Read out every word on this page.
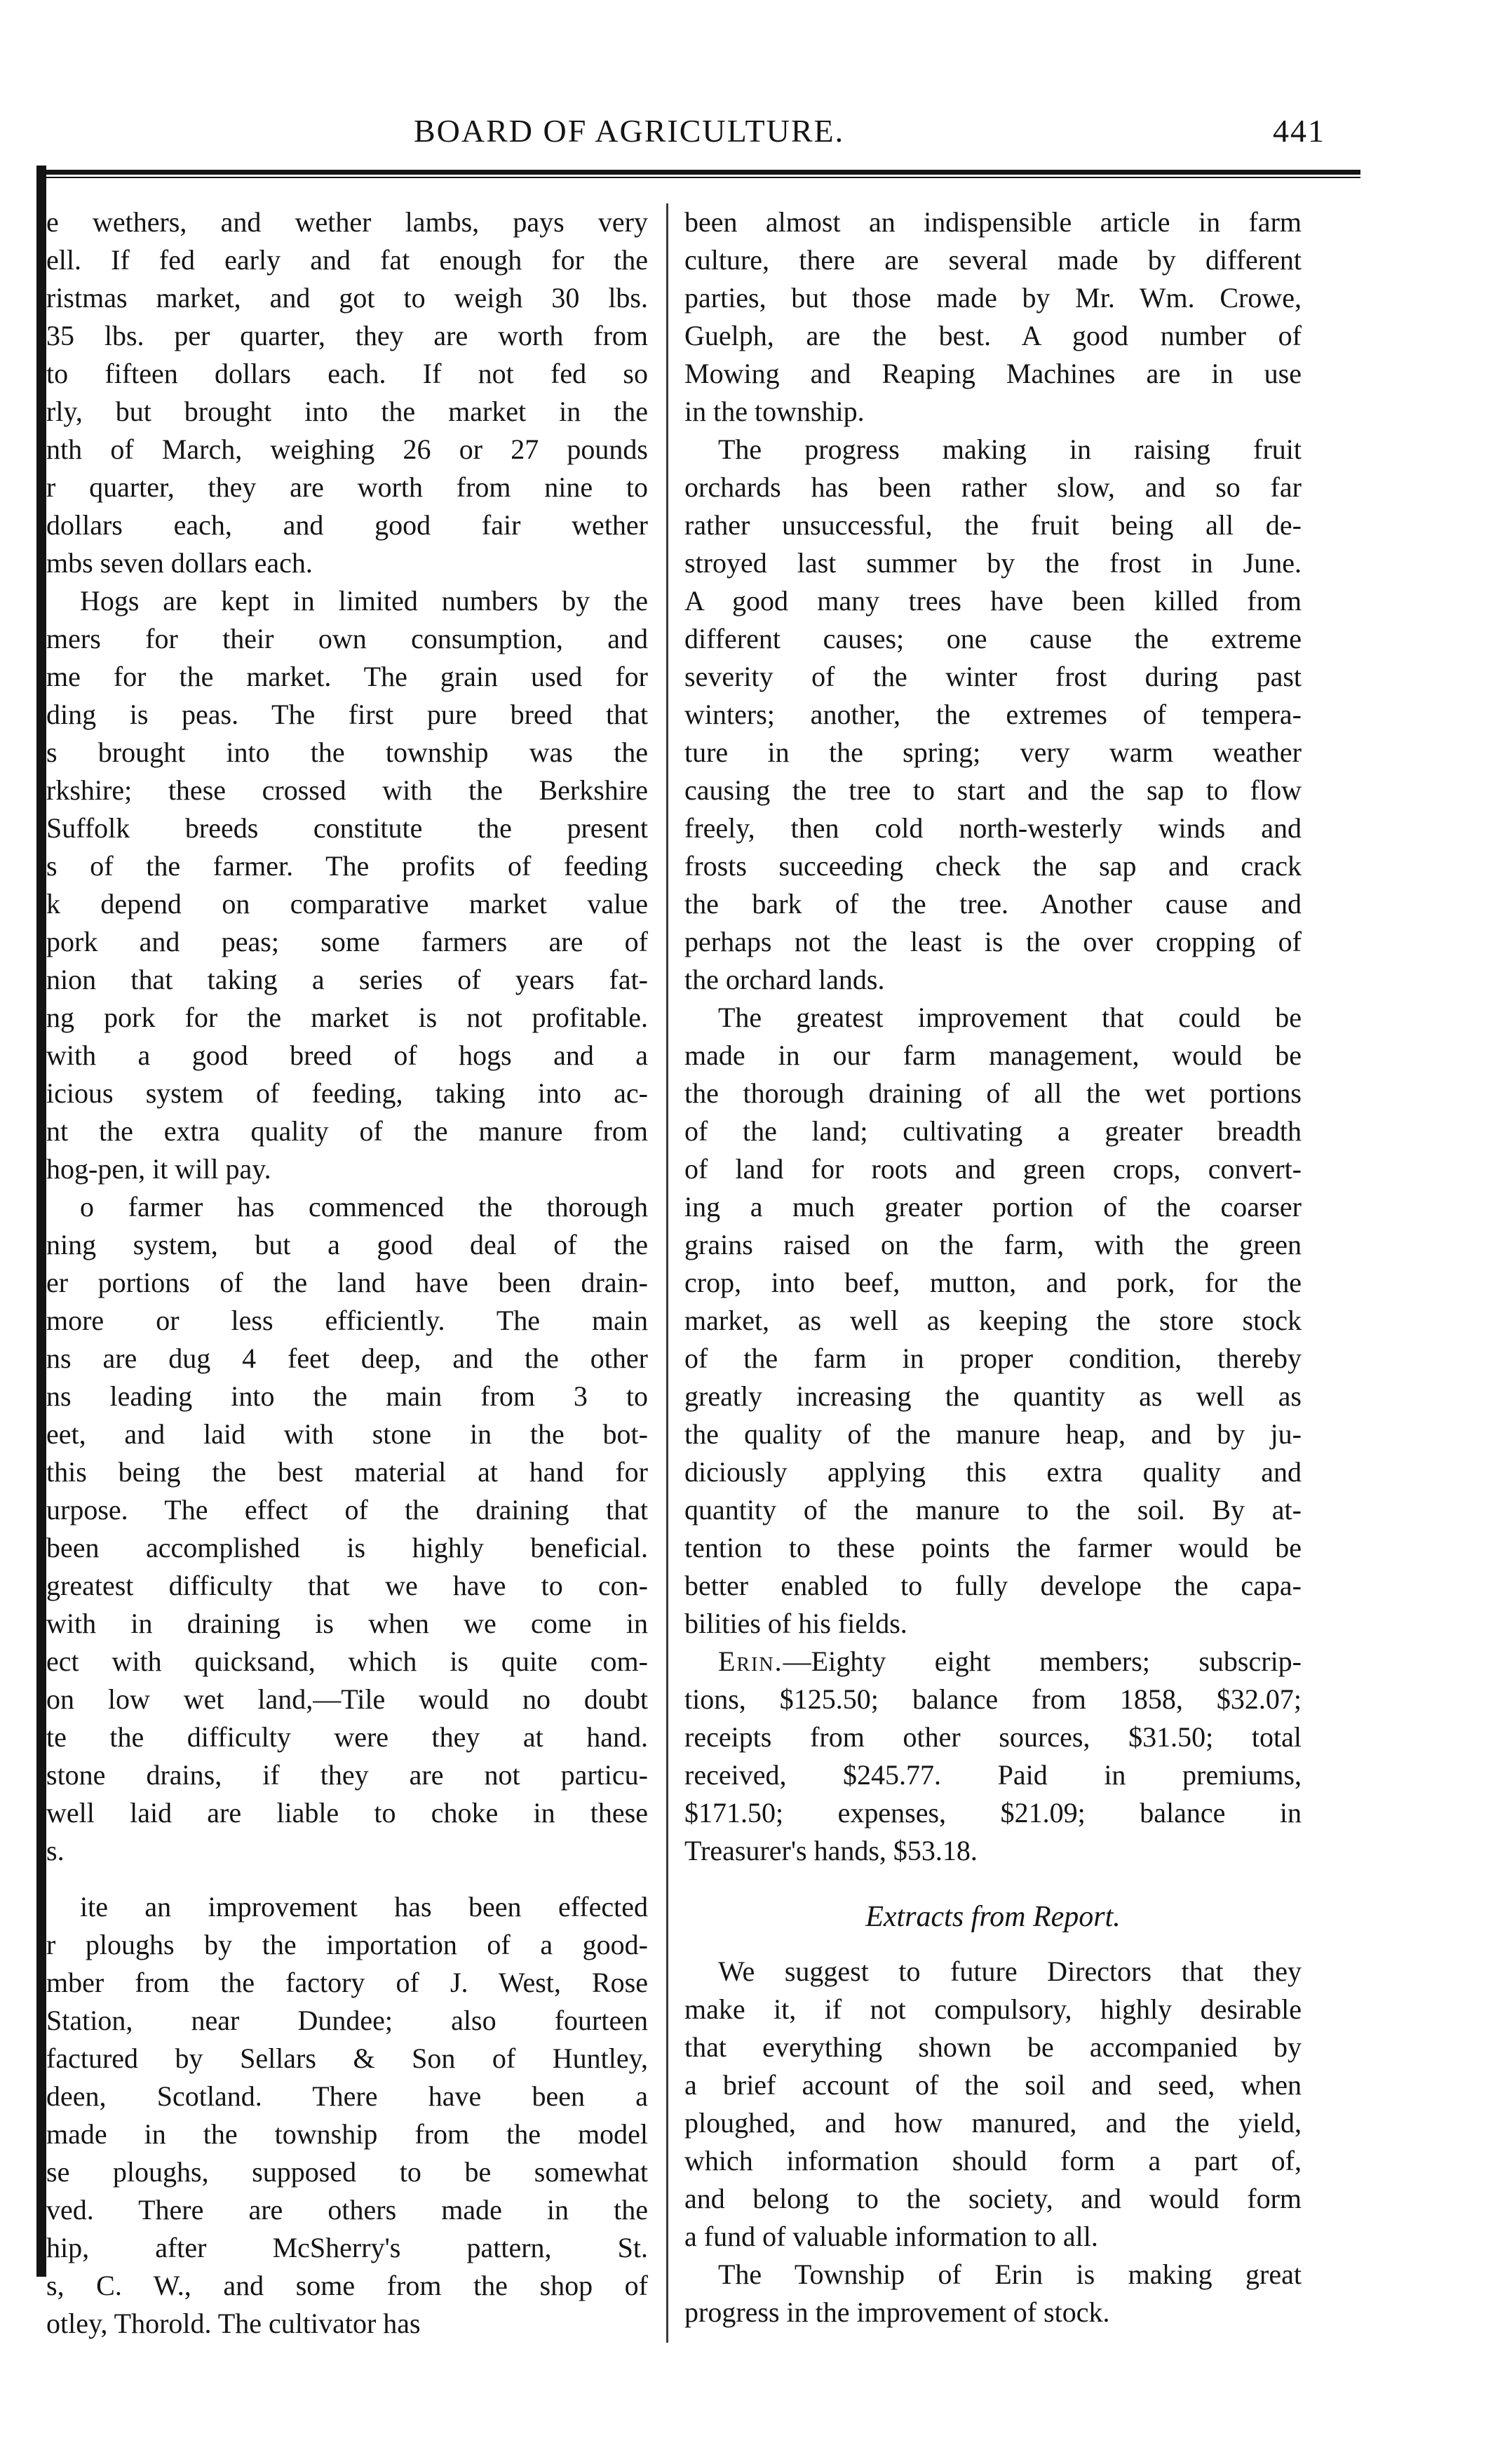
BOARD OF AGRICULTURE.	441

e wethers, and wether lambs, pays very
ell. If fed early and fat enough for the
ristmas market, and got to weigh 30 lbs.
35 lbs. per quarter, they are worth from
to fifteen dollars each. If not fed so
rly, but brought into the market in the
nth of March, weighing 26 or 27 pounds
r quarter, they are worth from nine to
dollars each, and good fair wether
mbs seven dollars each.

Hogs are kept in limited numbers by the
mers for their own consumption, and
me for the market. The grain used for
ding is peas. The first pure breed that
s brought into the township was the
rkshire; these crossed with the Berkshire
Suffolk breeds constitute the present
s of the farmer. The profits of feeding
k depend on comparative market value
pork and peas; some farmers are of
nion that taking a series of years fat-
ng pork for the market is not profitable.
with a good breed of hogs and a
icious system of feeding, taking into ac-
nt the extra quality of the manure from
hog-pen, it will pay.

o farmer has commenced the thorough
ning system, but a good deal of the
er portions of the land have been drain-
more or less efficiently. The main
ns are dug 4 feet deep, and the other
ns leading into the main from 3 to
eet, and laid with stone in the bot-
this being the best material at hand for
urpose. The effect of the draining that
been accomplished is highly beneficial.
greatest difficulty that we have to con-
with in draining is when we come in
ect with quicksand, which is quite com-
on low wet land,—Tile would no doubt
te the difficulty were they at hand.
stone drains, if they are not particu-
well laid are liable to choke in these
s.

ite an improvement has been effected
r ploughs by the importation of a good-
mber from the factory of J. West, Rose
Station, near Dundee; also fourteen
factured by Sellars & Son of Huntley,
deen, Scotland. There have been a
made in the township from the model
se ploughs, supposed to be somewhat
ved. There are others made in the
hip, after McSherry's pattern, St.
s, C. W., and some from the shop of
otley, Thorold. The cultivator has

been almost an indispensible article in farm
culture, there are several made by different
parties, but those made by Mr. Wm. Crowe,
Guelph, are the best. A good number of
Mowing and Reaping Machines are in use
in the township.

The progress making in raising fruit
orchards has been rather slow, and so far
rather unsuccessful, the fruit being all de-
stroyed last summer by the frost in June.
A good many trees have been killed from
different causes; one cause the extreme
severity of the winter frost during past
winters; another, the extremes of tempera-
ture in the spring; very warm weather
causing the tree to start and the sap to flow
freely, then cold north-westerly winds and
frosts succeeding check the sap and crack
the bark of the tree. Another cause and
perhaps not the least is the over cropping of
the orchard lands.

The greatest improvement that could be
made in our farm management, would be
the thorough draining of all the wet portions
of the land; cultivating a greater breadth
of land for roots and green crops, convert-
ing a much greater portion of the coarser
grains raised on the farm, with the green
crop, into beef, mutton, and pork, for the
market, as well as keeping the store stock
of the farm in proper condition, thereby
greatly increasing the quantity as well as
the quality of the manure heap, and by ju-
diciously applying this extra quality and
quantity of the manure to the soil. By at-
tention to these points the farmer would be
better enabled to fully develope the capa-
bilities of his fields.

Erin.—Eighty eight members; subscrip-
tions, $125.50; balance from 1858, $32.07;
receipts from other sources, $31.50; total
received, $245.77. Paid in premiums,
$171.50; expenses, $21.09; balance in
Treasurer's hands, $53.18.

Extracts from Report.

We suggest to future Directors that they
make it, if not compulsory, highly desirable
that everything shown be accompanied by
a brief account of the soil and seed, when
ploughed, and how manured, and the yield,
which information should form a part of,
and belong to the society, and would form
a fund of valuable information to all.

The Township of Erin is making great
progress in the improvement of stock.
